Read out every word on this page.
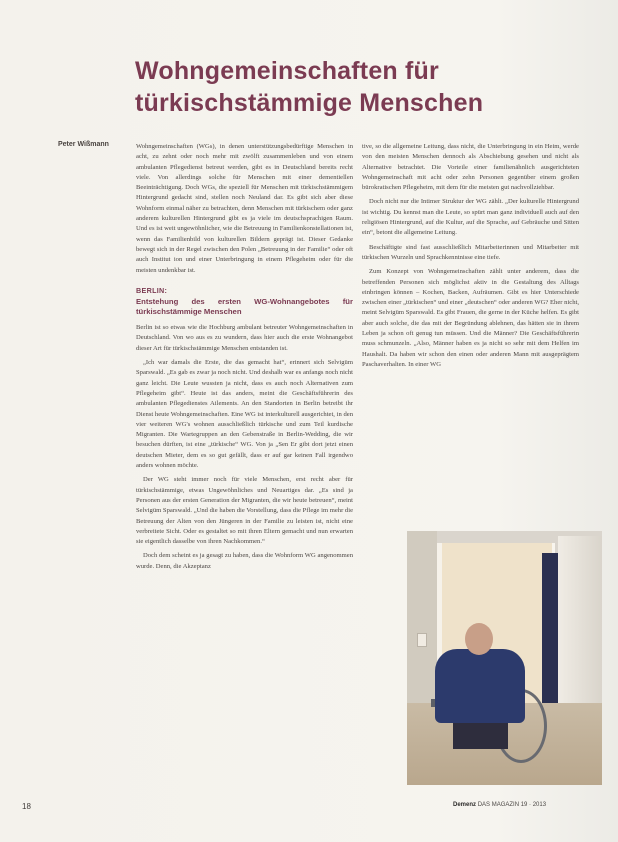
Wohngemeinschaften für
türkischstämmige Menschen
Peter Wißmann	Wohngemeinschaften (WGs), in denen unterstützungsbedürftige Menschen in acht, zu zehnt oder noch mehr mit zwölft zusammenleben und von einem ambulanten Pflegedienst betreut werden, gibt es in Deutschland bereits recht viele. Von allerdings solche für Menschen mit einer dementiellen Beeinträchtigung. Doch WGs, die speziell für Menschen mit türkischstämmigem Hintergrund gedacht sind, stellen noch Neuland dar. Es gibt sich aber diese Wohnform einmal näher zu betrachten, denn Menschen mit türkischem oder ganz anderem kulturellen Hintergrund gibt es ja viele im deutschsprachigen Raum. Und es ist weit ungewöhnlicher, wie die Betreuung in Familienkonstellationen ist, wenn das Familienbild von kulturellen Bildern geprägt ist. Dieser Gedanke bewegt sich in der Regel zwischen den Polen „Betreuung in der Familie“ oder oft auch Institut ion und einer Unterbringung in einem Pflegeheim oder für die meisten undenkbar ist.

BERLIN:
Entstehung des ersten WG-Wohnangebotes für türkischstämmige Menschen

Berlin ist so etwas wie die Hochburg ambulant betreuter Wohngemeinschaften in Deutschland. Von wo aus es zu wundern, dass hier auch die erste Wohnangebot dieser Art für türkischstämmige Menschen entstanden ist.

„Ich war damals die Erste, die das gemacht hat“, erinnert sich Selvigüm Sparswald. „Es gab es zwar ja noch nicht. Und deshalb war es anfangs noch nicht ganz leicht. Die Leute wussten ja nicht, dass es auch noch Alternativen zum Pflegeheim gibt“. Heute ist das anders, meint die Geschäftsführerin des ambulanten Pflegedienstes Ailements. An den Standorten in Berlin betreibt ihr Dienst heute Wohngemeinschaften. Eine WG ist interkulturell ausgerichtet, in den vier weiteren WG's wohnen ausschließlich türkische und zum Teil kurdische Migranten. Die Wartegruppen an den Gebenstraße in Berlin-Wedding, die wir besuchen dürften, ist eine „türkische“ WG. Von ja „Sen Er gibt dort jetzt einen deutschen Mieter, dem es so gut gefällt, dass er auf gar keinen Fall irgendwo anders wohnen möchte.

Der WG steht immer noch für viele Menschen, erst recht aber für türkischstämmige, etwas Ungewöhnliches und Neuartiges dar. „Es sind ja Personen aus der ersten Generation der Migranten, die wir heute betreuen“, meint Selvigüm Sparswald. „Und die haben die Vorstellung, dass die Pflege im mehr die Betreuung der Alten von den Jüngeren in der Familie zu leisten ist, nicht eine verbreitete Sicht. Oder es gestaltet so mit ihren Eltern gemacht und nun erwarten sie eigentlich dasselbe von ihren Nachkommen.“

Doch dem scheint es ja gesagt zu haben, dass die Wohnform WG angenommen wurde. Denn, die Akzeptanz

tive, so die allgemeine Leitung, dass nicht, die Unterbringung in ein Heim, werde von den meisten Menschen dennoch als Abschiebung gesehen und nicht als Alternative betrachtet. Die Vorteile einer familienähnlich ausgerichteten Wohngemeinschaft mit acht oder zehn Personen gegenüber einem großen bürokratischen Pflegeheim, mit dem für die meisten gut nachvollziehbar.

Doch nicht nur die Intimer Struktur der WG zählt. „Der kulturelle Hintergrund ist wichtig. Du kennst man die Leute, so spürt man ganz individuell auch auf den religiösen Hintergrund, auf die Kultur, auf die Sprache, auf Gebräuche und Sitten ein“, betont die allgemeine Leitung.

Beschäftigte sind fast ausschließlich Mitarbeiterinnen und Mitarbeiter mit türkischen Wurzeln und Sprachkenntnisse eine tiefe.

Zum Konzept von Wohngemeinschaften zählt unter anderem, dass die betreffenden Personen sich möglichst aktiv in die Gestaltung des Alltags einbringen können – Kochen, Backen, Aufräumen. Gibt es hier Unterschiede zwischen einer „türkischen“ und einer „deutschen“ oder anderen WG? Eher nicht, meint Selvigüm Sparswald. Es gibt Frauen, die gerne in der Küche helfen. Es gibt aber auch solche, die das mit der Begründung ablehnen, das hätten sie in ihrem Leben ja schon oft genug tun müssen. Und die Männer? Die Geschäftsführerin muss schmunzeln. „Also, Männer haben es ja nicht so sehr mit dem Helfen im Haushalt. Da haben wir schon den einen oder anderen Mann mit ausgeprägtem Paschaverhalten. In einer WG

18	Demenz DAS MAGAZIN 19 · 2013
